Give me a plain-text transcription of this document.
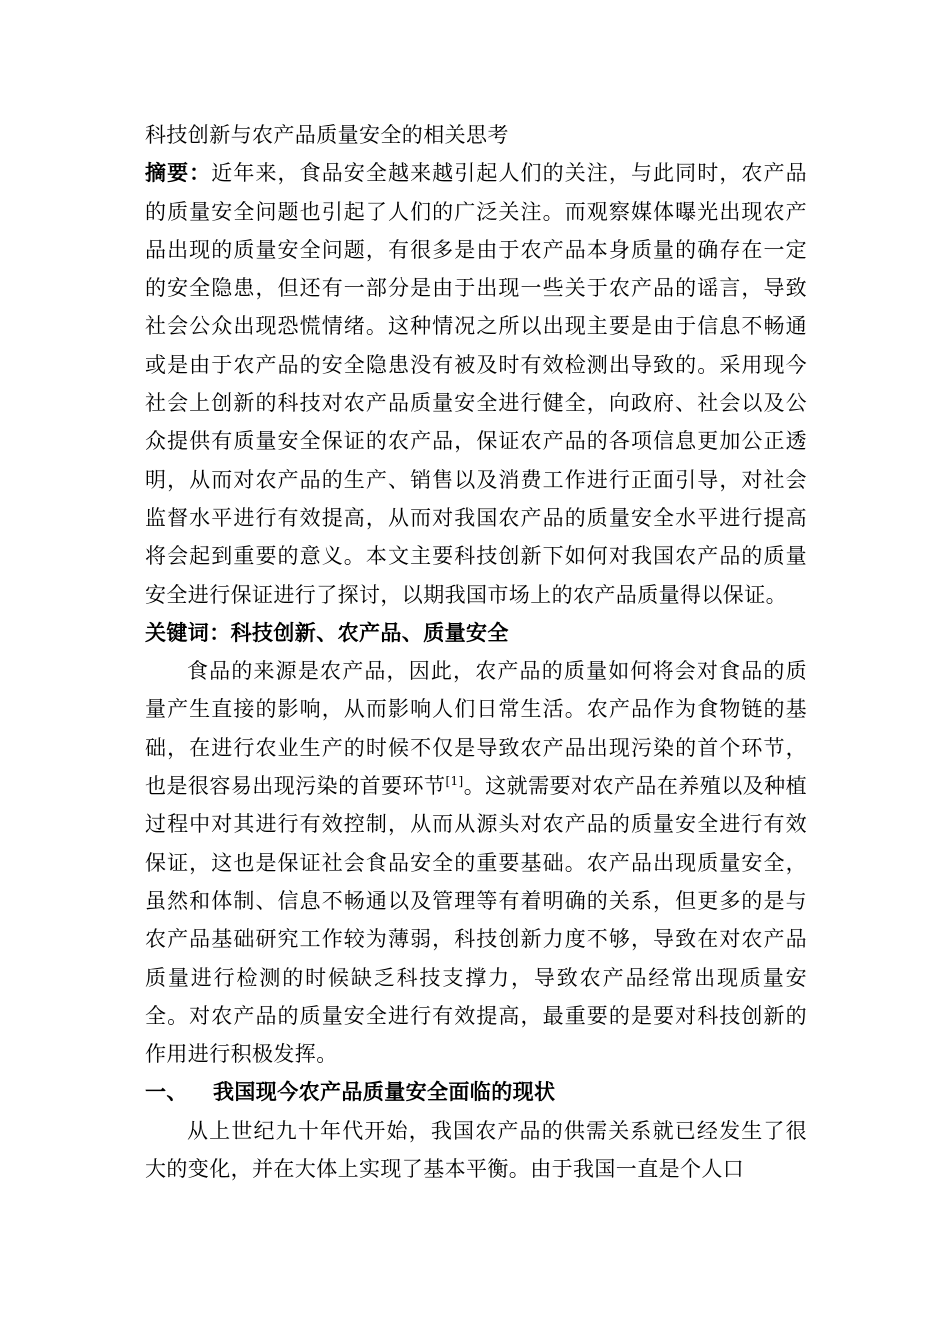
科技创新与农产品质量安全的相关思考

摘要：近年来，食品安全越来越引起人们的关注，与此同时，农产品的质量安全问题也引起了人们的广泛关注。而观察媒体曝光出现农产品出现的质量安全问题，有很多是由于农产品本身质量的确存在一定的安全隐患，但还有一部分是由于出现一些关于农产品的谣言，导致社会公众出现恐慌情绪。这种情况之所以出现主要是由于信息不畅通或是由于农产品的安全隐患没有被及时有效检测出导致的。采用现今社会上创新的科技对农产品质量安全进行健全，向政府、社会以及公众提供有质量安全保证的农产品，保证农产品的各项信息更加公正透明，从而对农产品的生产、销售以及消费工作进行正面引导，对社会监督水平进行有效提高，从而对我国农产品的质量安全水平进行提高将会起到重要的意义。本文主要科技创新下如何对我国农产品的质量安全进行保证进行了探讨，以期我国市场上的农产品质量得以保证。

关键词：科技创新、农产品、质量安全

食品的来源是农产品，因此，农产品的质量如何将会对食品的质量产生直接的影响，从而影响人们日常生活。农产品作为食物链的基础，在进行农业生产的时候不仅是导致农产品出现污染的首个环节，也是很容易出现污染的首要环节[1]。这就需要对农产品在养殖以及种植过程中对其进行有效控制，从而从源头对农产品的质量安全进行有效保证，这也是保证社会食品安全的重要基础。农产品出现质量安全，虽然和体制、信息不畅通以及管理等有着明确的关系，但更多的是与农产品基础研究工作较为薄弱，科技创新力度不够，导致在对农产品质量进行检测的时候缺乏科技支撑力，导致农产品经常出现质量安全。对农产品的质量安全进行有效提高，最重要的是要对科技创新的作用进行积极发挥。

一、 我国现今农产品质量安全面临的现状

从上世纪九十年代开始，我国农产品的供需关系就已经发生了很大的变化，并在大体上实现了基本平衡。由于我国一直是个人口
